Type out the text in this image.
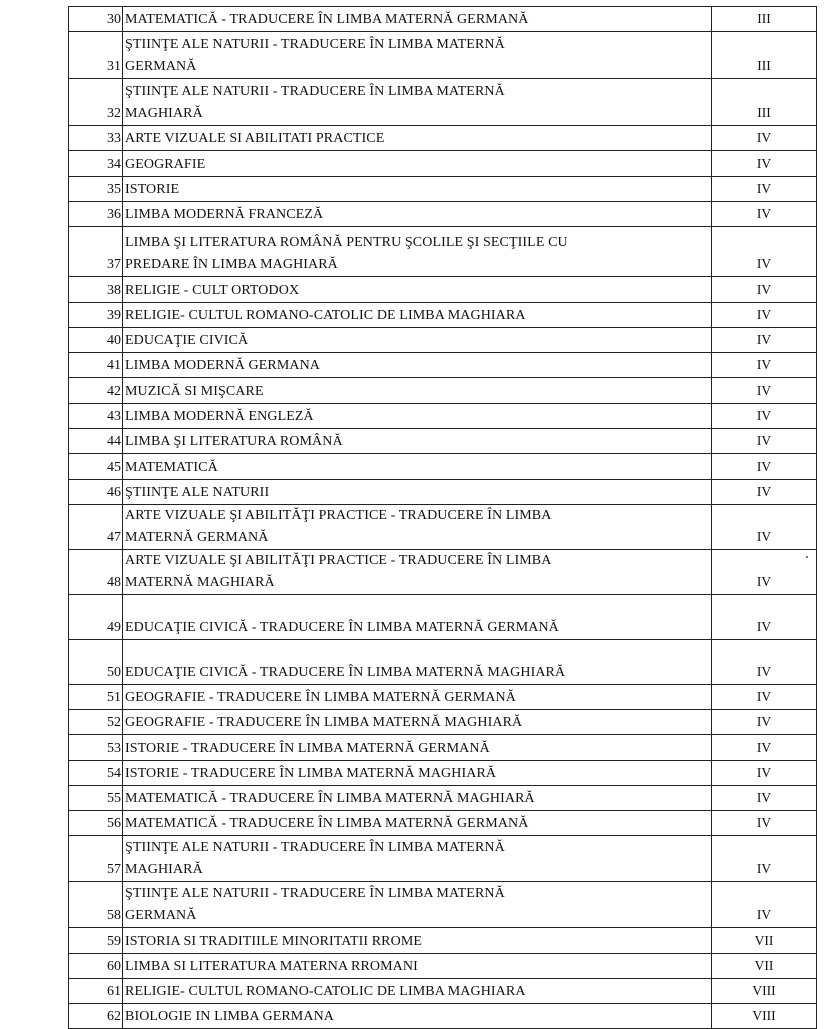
30	MATEMATICĂ - TRADUCERE ÎN LIMBA MATERNĂ GERMANĂ	III
31	ŞTIINŢE ALE NATURII - TRADUCERE ÎN LIMBA MATERNĂ
GERMANĂ	III
32	ŞTIINŢE ALE NATURII - TRADUCERE ÎN LIMBA MATERNĂ
MAGHIARĂ	III
33	ARTE VIZUALE SI ABILITATI PRACTICE	IV
34	GEOGRAFIE	IV
35	ISTORIE	IV
36	LIMBA MODERNĂ FRANCEZĂ	IV
37	LIMBA ŞI LITERATURA ROMÂNĂ PENTRU ŞCOLILE ŞI SECŢIILE CU
PREDARE ÎN LIMBA MAGHIARĂ	IV
38	RELIGIE - CULT ORTODOX	IV
39	RELIGIE- CULTUL ROMANO-CATOLIC DE LIMBA MAGHIARA	IV
40	EDUCAŢIE CIVICĂ	IV
41	LIMBA MODERNĂ GERMANA	IV
42	MUZICĂ SI MIŞCARE	IV
43	LIMBA MODERNĂ ENGLEZĂ	IV
44	LIMBA ŞI LITERATURA ROMÂNĂ	IV
45	MATEMATICĂ	IV
46	ŞTIINŢE ALE NATURII	IV
47	ARTE VIZUALE ŞI ABILITĂŢI PRACTICE - TRADUCERE ÎN LIMBA
MATERNĂ GERMANĂ	IV
48	ARTE VIZUALE ŞI ABILITĂŢI PRACTICE - TRADUCERE ÎN LIMBA
MATERNĂ MAGHIARĂ	IV
49	EDUCAŢIE CIVICĂ - TRADUCERE ÎN LIMBA MATERNĂ GERMANĂ	IV
50	EDUCAŢIE CIVICĂ - TRADUCERE ÎN LIMBA MATERNĂ MAGHIARĂ	IV
51	GEOGRAFIE - TRADUCERE ÎN LIMBA MATERNĂ GERMANĂ	IV
52	GEOGRAFIE - TRADUCERE ÎN LIMBA MATERNĂ MAGHIARĂ	IV
53	ISTORIE - TRADUCERE ÎN LIMBA MATERNĂ GERMANĂ	IV
54	ISTORIE - TRADUCERE ÎN LIMBA MATERNĂ MAGHIARĂ	IV
55	MATEMATICĂ - TRADUCERE ÎN LIMBA MATERNĂ MAGHIARĂ	IV
56	MATEMATICĂ - TRADUCERE ÎN LIMBA MATERNĂ GERMANĂ	IV
57	ŞTIINŢE ALE NATURII - TRADUCERE ÎN LIMBA MATERNĂ
MAGHIARĂ	IV
58	ŞTIINŢE ALE NATURII - TRADUCERE ÎN LIMBA MATERNĂ
GERMANĂ	IV
59	ISTORIA SI TRADITIILE MINORITATII RROME	VII
60	LIMBA SI LITERATURA MATERNA RROMANI	VII
61	RELIGIE- CULTUL ROMANO-CATOLIC DE LIMBA MAGHIARA	VIII
62	BIOLOGIE IN LIMBA GERMANA	VIII
